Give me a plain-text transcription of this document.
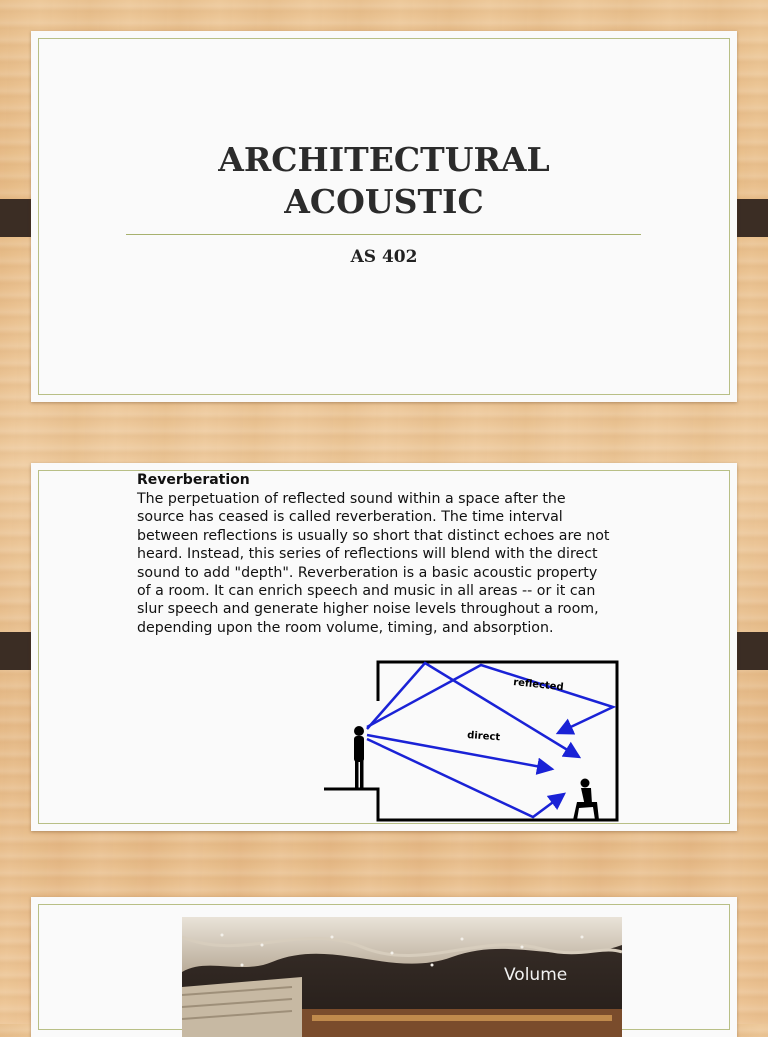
ARCHITECTURAL
ACOUSTIC
AS 402
Reverberation

The perpetuation of reflected sound within a space after the source has ceased is called reverberation. The time interval between reflections is usually so short that distinct echoes are not heard. Instead, this series of reflections will blend with the direct sound to add "depth". Reverberation is a basic acoustic property of a room. It can enrich speech and music in all areas -- or it can slur speech and generate higher noise levels throughout a room, depending upon the room volume, timing, and absorption.

reflected
direct
Volume
